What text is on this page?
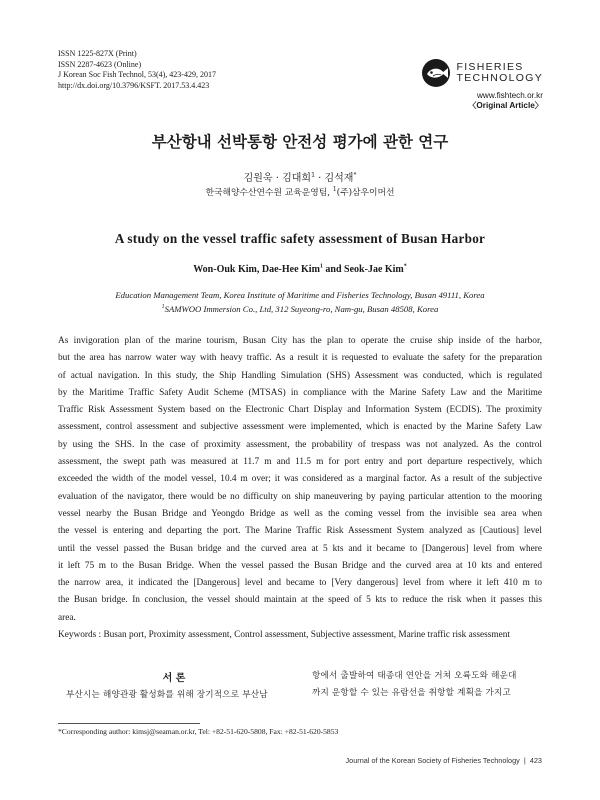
ISSN 1225-827X (Print)
ISSN 2287-4623 (Online)
J Korean Soc Fish Technol, 53(4), 423-429, 2017
http://dx.doi.org/10.3796/KSFT. 2017.53.4.423
FISHERIES
TECHNOLOGY
www.fishtech.or.kr
〈Original Article〉
부산항내 선박통항 안전성 평가에 관한 연구
김원욱 · 김대희$^1$ · 김석재*
한국해양수산연수원 교육운영팀, $^1$(주)삼우이머선
A study on the vessel traffic safety assessment of Busan Harbor
Won-Ouk Kim, Dae-Hee Kim$^1$ and Seok-Jae Kim*
Education Management Team, Korea Institute of Maritime and Fisheries Technology, Busan 49111, Korea
$^1$SAMWOO Immersion Co., Ltd, 312 Suyeong-ro, Nam-gu, Busan 48508, Korea
As invigoration plan of the marine tourism, Busan City has the plan to operate the cruise ship inside of the harbor,
but the area has narrow water way with heavy traffic. As a result it is requested to evaluate the safety for the preparation
of actual navigation. In this study, the Ship Handling Simulation (SHS) Assessment was conducted, which is regulated
by the Maritime Traffic Safety Audit Scheme (MTSAS) in compliance with the Marine Safety Law and the Maritime
Traffic Risk Assessment System based on the Electronic Chart Display and Information System (ECDIS). The proximity
assessment, control assessment and subjective assessment were implemented, which is enacted by the Marine Safety Law
by using the SHS. In the case of proximity assessment, the probability of trespass was not analyzed. As the control
assessment, the swept path was measured at 11.7 m and 11.5 m for port entry and port departure respectively, which
exceeded the width of the model vessel, 10.4 m over; it was considered as a marginal factor. As a result of the subjective
evaluation of the navigator, there would be no difficulty on ship maneuvering by paying particular attention to the mooring
vessel nearby the Busan Bridge and Yeongdo Bridge as well as the coming vessel from the invisible sea area when
the vessel is entering and departing the port. The Marine Traffic Risk Assessment System analyzed as [Cautious] level
until the vessel passed the Busan bridge and the curved area at 5 kts and it became to [Dangerous] level from where
it left 75 m to the Busan Bridge. When the vessel passed the Busan Bridge and the curved area at 10 kts and entered
the narrow area, it indicated the [Dangerous] level and became to [Very dangerous] level from where it left 410 m to
the Busan bridge. In conclusion, the vessel should maintain at the speed of 5 kts to reduce the risk when it passes this
area.
Keywords : Busan port, Proximity assessment, Control assessment, Subjective assessment, Marine traffic risk assessment
서 론
부산시는 해양관광 활성화를 위해 장기적으로 부산남
항에서 출발하여 태종대 연안을 거쳐 오륙도와 해운대
까지 운항할 수 있는 유람선을 취항할 계획을 가지고
*Corresponding author: kimsj@seaman.or.kr, Tel: +82-51-620-5808, Fax: +82-51-620-5853
Journal of the Korean Society of Fisheries Technology  |  423
